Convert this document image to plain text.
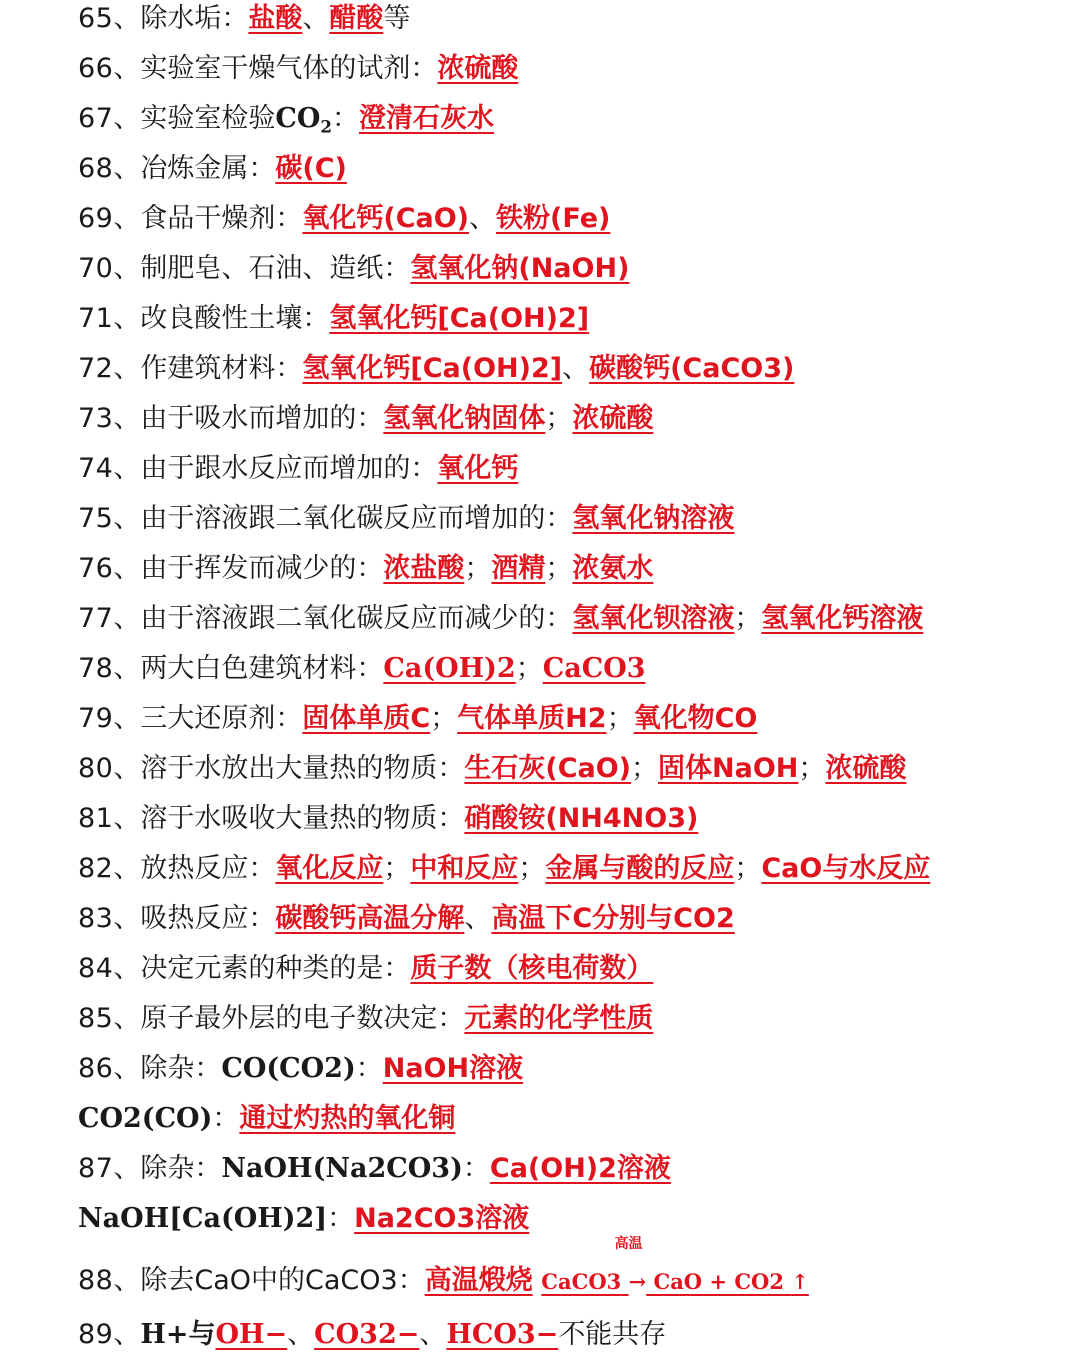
65、除水垢：盐酸、醋酸等
66、实验室干燥气体的试剂：浓硫酸
67、实验室检验$CO_2$：澄清石灰水
68、冶炼金属：碳(C)
69、食品干燥剂：氧化钙(CaO)、铁粉(Fe)
70、制肥皂、石油、造纸：氢氧化钠(NaOH)
71、改良酸性土壤：氢氧化钙[Ca(OH)2]
72、作建筑材料：氢氧化钙[Ca(OH)2]、碳酸钙(CaCO3)
73、由于吸水而增加的：氢氧化钠固体；浓硫酸
74、由于跟水反应而增加的：氧化钙
75、由于溶液跟二氧化碳反应而增加的：氢氧化钠溶液
76、由于挥发而减少的：浓盐酸；酒精；浓氨水
77、由于溶液跟二氧化碳反应而减少的：氢氧化钡溶液；氢氧化钙溶液
78、两大白色建筑材料：Ca(OH)2；CaCO3
79、三大还原剂：固体单质C；气体单质H2；氧化物CO
80、溶于水放出大量热的物质：生石灰(CaO)；固体NaOH；浓硫酸
81、溶于水吸收大量热的物质：硝酸铵(NH4NO3)
82、放热反应：氧化反应；中和反应；金属与酸的反应；CaO与水反应
83、吸热反应：碳酸钙高温分解、高温下C分别与CO2
84、决定元素的种类的是：质子数（核电荷数）
85、原子最外层的电子数决定：元素的化学性质
86、除杂：CO(CO2)：NaOH溶液
CO2(CO)：通过灼热的氧化铜
87、除杂：NaOH(Na2CO3)：Ca(OH)2溶液
NaOH[Ca(OH)2]：Na2CO3溶液
88、除去CaO中的CaCO3：高温煅烧 CaCO3
高温
→ CaO + CO2 ↑
89、H+与OH−、CO32−、HCO3−不能共存
